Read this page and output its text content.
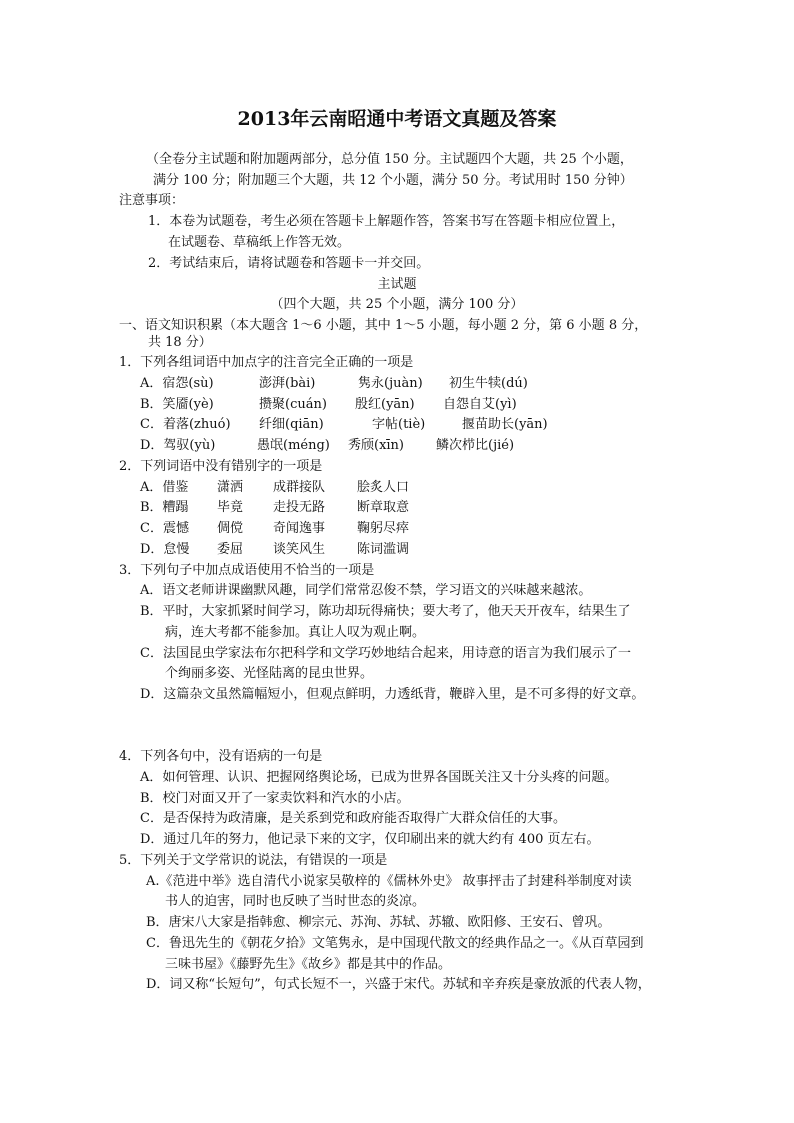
2013年云南昭通中考语文真题及答案
（全卷分主试题和附加题两部分，总分值 150 分。主试题四个大题，共 25 个小题，
满分 100 分；附加题三个大题，共 12 个小题，满分 50 分。考试用时 150 分钟）
注意事项：
1．本卷为试题卷，考生必须在答题卡上解题作答，答案书写在答题卡相应位置上，
在试题卷、草稿纸上作答无效。
2．考试结束后，请将试题卷和答题卡一并交回。
主试题
（四个大题，共 25 个小题，满分 100 分）
一、语文知识积累（本大题含 1～6 小题，其中 1～5 小题，每小题 2 分，第 6 小题 8 分，
共 18 分）
1．下列各组词语中加点字的注音完全正确的一项是
A．宿怨(sù)	澎湃(bài)	隽永(juàn) 初生牛犊(dú)
B．笑靥(yè)	攒聚(cuán) 殷红(yān) 自怨自艾(yì)
C．着落(zhuó) 纤细(qiān)	字帖(tiè)	揠苗助长(yān)
D．驾驭(yù)	愚氓(méng) 秀颀(xīn) 鳞次栉比(jié)
2．下列词语中没有错别字的一项是
A．借鉴 潇洒 成群接队 脍炙人口
B．糟蹋 毕竟 走投无路 断章取意
C．震憾 倜傥 奇闻逸事 鞠躬尽瘁
D．怠慢 委屈 谈笑风生 陈词滥调
3．下列句子中加点成语使用不恰当的一项是
A．语文老师讲课幽默风趣，同学们常常忍俊不禁，学习语文的兴味越来越浓。
B．平时，大家抓紧时间学习，陈功却玩得痛快；要大考了，他天天开夜车，结果生了
病，连大考都不能参加。真让人叹为观止啊。
C．法国昆虫学家法布尔把科学和文学巧妙地结合起来，用诗意的语言为我们展示了一
个绚丽多姿、光怪陆离的昆虫世界。
D．这篇杂文虽然篇幅短小，但观点鲜明，力透纸背，鞭辟入里，是不可多得的好文章。
4．下列各句中，没有语病的一句是
A．如何管理、认识、把握网络舆论场，已成为世界各国既关注又十分头疼的问题。
B．校门对面又开了一家卖饮料和汽水的小店。
C．是否保持为政清廉，是关系到党和政府能否取得广大群众信任的大事。
D．通过几年的努力，他记录下来的文字，仅印刷出来的就大约有 400 页左右。
5．下列关于文学常识的说法，有错误的一项是
A.《范进中举》选自清代小说家吴敬梓的《儒林外史》 故事抨击了封建科举制度对读
书人的迫害，同时也反映了当时世态的炎凉。
B．唐宋八大家是指韩愈、柳宗元、苏洵、苏轼、苏辙、欧阳修、王安石、曾巩。
C．鲁迅先生的《朝花夕拾》文笔隽永，是中国现代散文的经典作品之一。《从百草园到
三味书屋》《藤野先生》《故乡》都是其中的作品。
D．词又称“长短句”，句式长短不一，兴盛于宋代。苏轼和辛弃疾是豪放派的代表人物，
